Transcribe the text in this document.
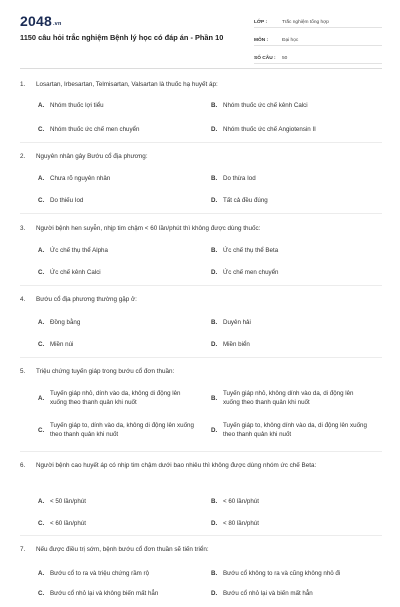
2048.vn
1150 câu hỏi trắc nghiệm Bệnh lý học có đáp án - Phần 10
LỚP :	Trắc nghiệm tổng hợp
MÔN :	Đại học
SỐ CÂU :	50
1.	Losartan, Irbesartan, Telmisartan, Valsartan là thuốc hạ huyết áp:
A. Nhóm thuốc lợi tiểu	B. Nhóm thuốc ức chế kênh Calci
C. Nhóm thuốc ức chế men chuyển	D. Nhóm thuốc ức chế Angiotensin II
2.	Nguyên nhân gây Bướu cổ địa phương:
A. Chưa rõ nguyên nhân	B. Do thừa Iod
C. Do thiếu Iod	D. Tất cả đều đúng
3.	Người bệnh hen suyễn, nhịp tim chậm < 60 lần/phút thì không được dùng thuốc:
A. Ức chế thụ thể Alpha	B. Ức chế thụ thể Beta
C. Ức chế kênh Calci	D. Ức chế men chuyển
4.	Bướu cổ địa phương thường gặp ở:
A. Đồng bằng	B. Duyên hải
C. Miền núi	D. Miền biển
5.	Triệu chứng tuyến giáp trong bướu cổ đơn thuần:
A.
Tuyến giáp nhỏ, dính vào da, không di động lên xuống theo thanh quản khi nuốt
B.
Tuyến giáp nhỏ, không dính vào da, di động lên xuống theo thanh quản khi nuốt
C.
Tuyến giáp to, dính vào da, không di động lên xuống theo thanh quản khi nuốt
D.
Tuyến giáp to, không dính vào da, di động lên xuống theo thanh quản khi nuốt
6.	Người bệnh cao huyết áp có nhịp tim chậm dưới bao nhiêu thì không được dùng nhóm ức chế Beta:
A. < 50 lần/phút	B. < 60 lần/phút
C. < 60 lần/phút	D. < 80 lần/phút
7.	Nếu được điều trị sớm, bệnh bướu cổ đơn thuần sẽ tiến triển:
A. Bướu cổ to ra và triệu chứng rầm rộ	B. Bướu cổ không to ra và cũng không nhỏ đi
C. Bướu cổ nhỏ lại và không biến mất hẳn	D. Bướu cổ nhỏ lại và biến mất hẳn
